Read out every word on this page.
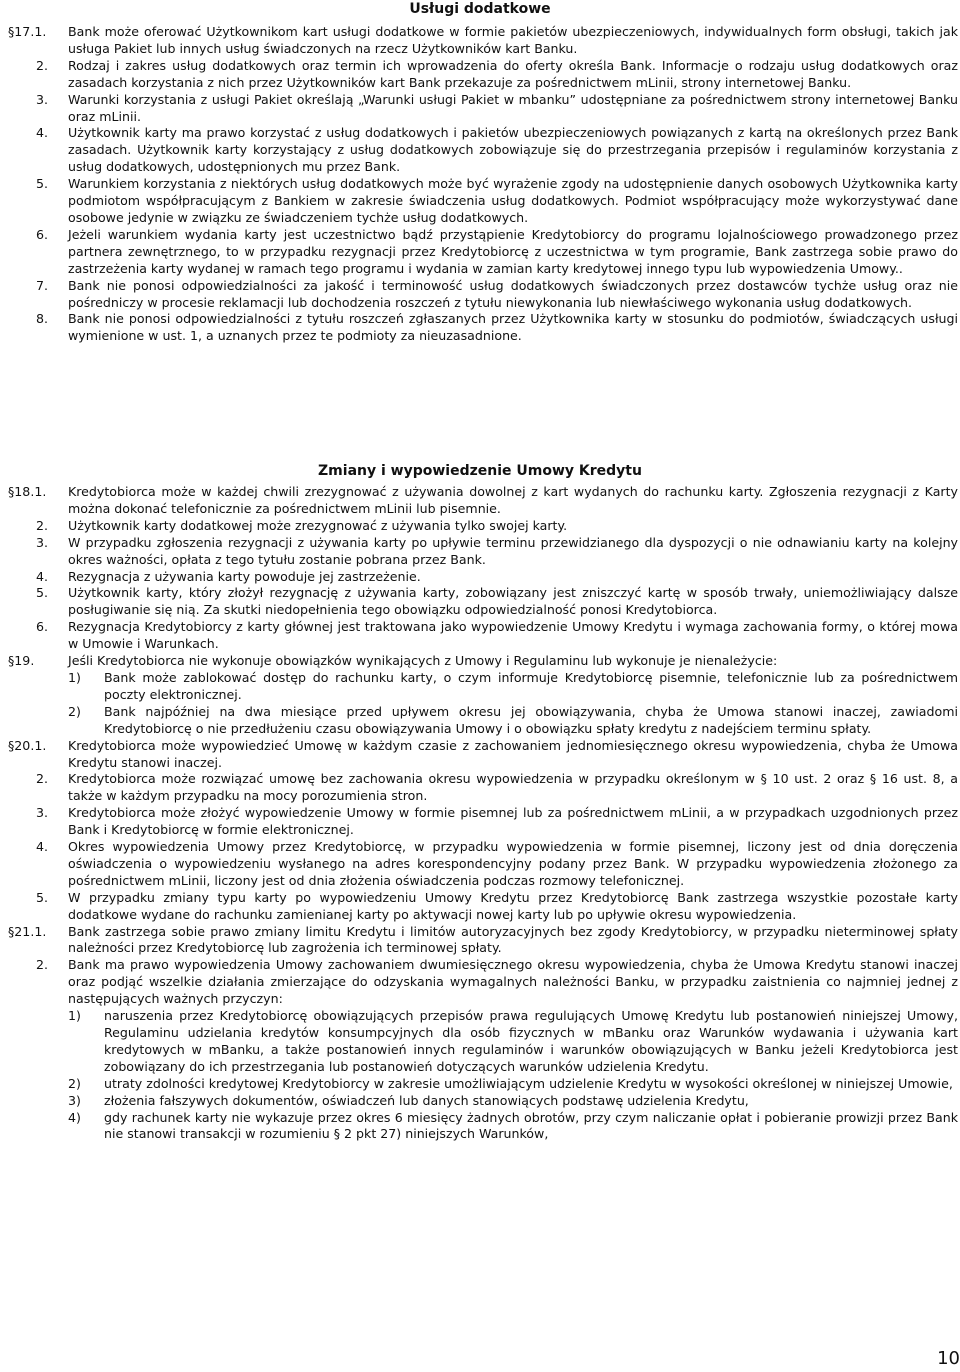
Usługi dodatkowe
§17.1. Bank może oferować Użytkownikom kart usługi dodatkowe w formie pakietów ubezpieczeniowych, indywidualnych form obsługi, takich jak usługa Pakiet lub innych usług świadczonych na rzecz Użytkowników kart Banku.
2. Rodzaj i zakres usług dodatkowych oraz termin ich wprowadzenia do oferty określa Bank. Informacje o rodzaju usług dodatkowych oraz zasadach korzystania z nich przez Użytkowników kart Bank przekazuje za pośrednictwem mLinii, strony internetowej Banku.
3. Warunki korzystania z usługi Pakiet określają „Warunki usługi Pakiet w mbanku” udostępniane za pośrednictwem strony internetowej Banku oraz mLinii.
4. Użytkownik karty ma prawo korzystać z usług dodatkowych i pakietów ubezpieczeniowych powiązanych z kartą na określonych przez Bank zasadach. Użytkownik karty korzystający z usług dodatkowych zobowiązuje się do przestrzegania przepisów i regulaminów korzystania z usług dodatkowych, udostępnionych mu przez Bank.
5. Warunkiem korzystania z niektórych usług dodatkowych może być wyrażenie zgody na udostępnienie danych osobowych Użytkownika karty podmiotom współpracującym z Bankiem w zakresie świadczenia usług dodatkowych. Podmiot współpracujący może wykorzystywać dane osobowe jedynie w związku ze świadczeniem tychże usług dodatkowych.
6. Jeżeli warunkiem wydania karty jest uczestnictwo bądź przystąpienie Kredytobiorcy do programu lojalnościowego prowadzonego przez partnera zewnętrznego, to w przypadku rezygnacji przez Kredytobiorcę z uczestnictwa w tym programie, Bank zastrzega sobie prawo do zastrzeżenia karty wydanej w ramach tego programu i wydania w zamian karty kredytowej innego typu lub wypowiedzenia Umowy..
7. Bank nie ponosi odpowiedzialności za jakość i terminowość usług dodatkowych świadczonych przez dostawców tychże usług oraz nie pośredniczy w procesie reklamacji lub dochodzenia roszczeń z tytułu niewykonania lub niewłaściwego wykonania usług dodatkowych.
8. Bank nie ponosi odpowiedzialności z tytułu roszczeń zgłaszanych przez Użytkownika karty w stosunku do podmiotów, świadczących usługi wymienione w ust. 1, a uznanych przez te podmioty za nieuzasadnione.
Zmiany i wypowiedzenie Umowy Kredytu
§18.1. Kredytobiorca może w każdej chwili zrezygnować z używania dowolnej z kart wydanych do rachunku karty. Zgłoszenia rezygnacji z Karty można dokonać telefonicznie za pośrednictwem mLinii lub pisemnie.
2. Użytkownik karty dodatkowej może zrezygnować z używania tylko swojej karty.
3. W przypadku zgłoszenia rezygnacji z używania karty po upływie terminu przewidzianego dla dyspozycji o nie odnawianiu karty na kolejny okres ważności, opłata z tego tytułu zostanie pobrana przez Bank.
4. Rezygnacja z używania karty powoduje jej zastrzeżenie.
5. Użytkownik karty, który złożył rezygnację z używania karty, zobowiązany jest zniszczyć kartę w sposób trwały, uniemożliwiający dalsze posługiwanie się nią. Za skutki niedopełnienia tego obowiązku odpowiedzialność ponosi Kredytobiorca.
6. Rezygnacja Kredytobiorcy z karty głównej jest traktowana jako wypowiedzenie Umowy Kredytu i wymaga zachowania formy, o której mowa w Umowie i Warunkach.
§19.	Jeśli Kredytobiorca nie wykonuje obowiązków wynikających z Umowy i Regulaminu lub wykonuje je nienależycie:
1) Bank może zablokować dostęp do rachunku karty, o czym informuje Kredytobiorcę pisemnie, telefonicznie lub za pośrednictwem poczty elektronicznej.
2) Bank najpóźniej na dwa miesiące przed upływem okresu jej obowiązywania, chyba że Umowa stanowi inaczej, zawiadomi Kredytobiorcę o nie przedłużeniu czasu obowiązywania Umowy i o obowiązku spłaty kredytu z nadejściem terminu spłaty.
§20.1. Kredytobiorca może wypowiedzieć Umowę w każdym czasie z zachowaniem jednomiesięcznego okresu wypowiedzenia, chyba że Umowa Kredytu stanowi inaczej.
2. Kredytobiorca może rozwiązać umowę bez zachowania okresu wypowiedzenia w przypadku określonym w § 10 ust. 2 oraz § 16 ust. 8, a także w każdym przypadku na mocy porozumienia stron.
3. Kredytobiorca może złożyć wypowiedzenie Umowy w formie pisemnej lub za pośrednictwem mLinii, a w przypadkach uzgodnionych przez Bank i Kredytobiorcę w formie elektronicznej.
4. Okres wypowiedzenia Umowy przez Kredytobiorcę, w przypadku wypowiedzenia w formie pisemnej, liczony jest od dnia doręczenia oświadczenia o wypowiedzeniu wysłanego na adres korespondencyjny podany przez Bank. W przypadku wypowiedzenia złożonego za pośrednictwem mLinii, liczony jest od dnia złożenia oświadczenia podczas rozmowy telefonicznej.
5. W przypadku zmiany typu karty po wypowiedzeniu Umowy Kredytu przez Kredytobiorcę Bank zastrzega wszystkie pozostałe karty dodatkowe wydane do rachunku zamienianej karty po aktywacji nowej karty lub po upływie okresu wypowiedzenia.
§21.1. Bank zastrzega sobie prawo zmiany limitu Kredytu i limitów autoryzacyjnych bez zgody Kredytobiorcy, w przypadku nieterminowej spłaty należności przez Kredytobiorcę lub zagrożenia ich terminowej spłaty.
2. Bank ma prawo wypowiedzenia Umowy zachowaniem dwumiesięcznego okresu wypowiedzenia, chyba że Umowa Kredytu stanowi inaczej oraz podjąć wszelkie działania zmierzające do odzyskania wymagalnych należności Banku, w przypadku zaistnienia co najmniej jednej z następujących ważnych przyczyn:
1) naruszenia przez Kredytobiorcę obowiązujących przepisów prawa regulujących Umowę Kredytu lub postanowień niniejszej Umowy, Regulaminu udzielania kredytów konsumpcyjnych dla osób fizycznych w mBanku oraz Warunków wydawania i używania kart kredytowych w mBanku, a także postanowień innych regulaminów i warunków obowiązujących w Banku jeżeli Kredytobiorca jest zobowiązany do ich przestrzegania lub postanowień dotyczących warunków udzielenia Kredytu.
2) utraty zdolności kredytowej Kredytobiorcy w zakresie umożliwiającym udzielenie Kredytu w wysokości określonej w niniejszej Umowie,
3) złożenia fałszywych dokumentów, oświadczeń lub danych stanowiących podstawę udzielenia Kredytu,
4) gdy rachunek karty nie wykazuje przez okres 6 miesięcy żadnych obrotów, przy czym naliczanie opłat i pobieranie prowizji przez Bank nie stanowi transakcji w rozumieniu § 2 pkt 27) niniejszych Warunków,
10
